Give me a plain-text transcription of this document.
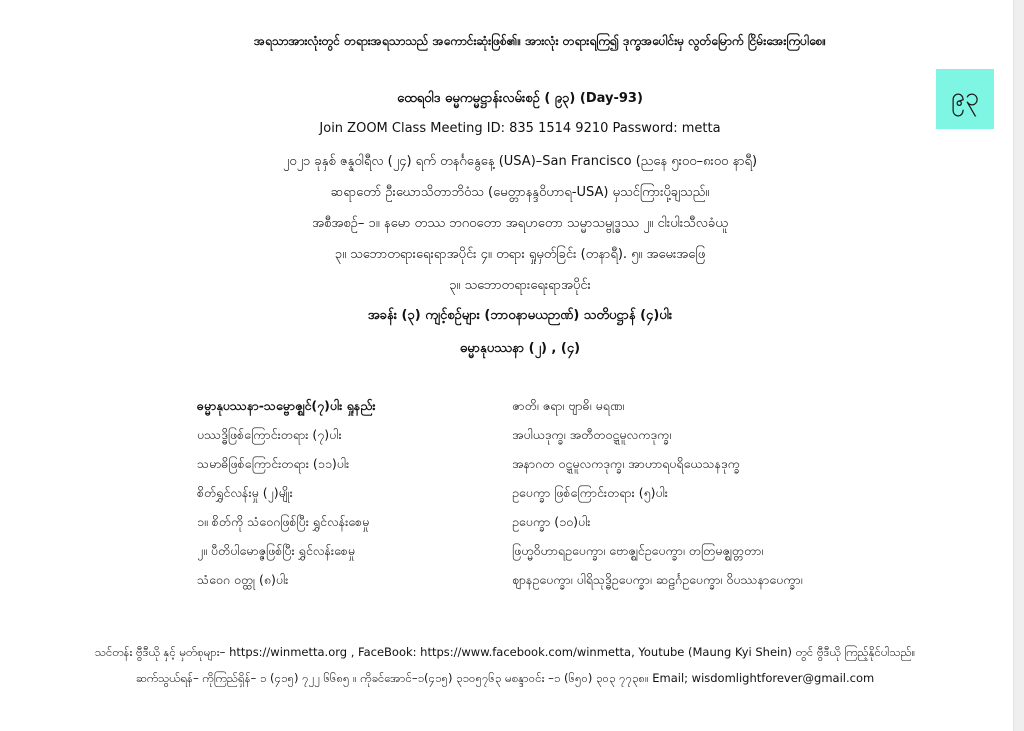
အရသာအားလုံးတွင် တရားအရသာသည် အကောင်းဆုံးဖြစ်၏။ အားလုံး တရားရကြ၍ ဒုက္ခအပေါင်းမှ လွတ်မြောက် ငြိမ်းအေးကြပါစေ။
၉၃
ထေရဝါဒ ဓမ္မကမ္မဋ္ဌာန်းလမ်းစဉ် ( ၉၃) (Day-93)
Join ZOOM Class Meeting ID: 835 1514 9210 Password: metta
၂၀၂၁ ခုနှစ် ဇန္နဝါရီလ (၂၄) ရက် တနင်္ဂနွေနေ့ (USA)–San Francisco (ညနေ ၅း၀၀–၈း၀၀ နာရီ)
ဆရာတော် ဦးဃောသိတာဘိဝံသ (မေတ္တာနန္ဒဝိဟာရ-USA) မှသင်ကြားပို့ချသည်။
အစီအစဉ်– ၁။ နမော တဿ ဘဂဝတော အရဟတော သမ္မာသမ္ဗုဒ္ဓဿ ၂။ ငါးပါးသီလခံယူ
၃။ သဘောတရားရေးရာအပိုင်း ၄။ တရား ရှုမှတ်ခြင်း (တနာရီ). ၅။ အမေးအဖြေ
၃။ သဘောတရားရေးရာအပိုင်း
အခန်း (၃) ကျင့်စဉ်များ (ဘာဝနာမယဉာဏ်) သတိပဋ္ဌာန် (၄)ပါး
ဓမ္မာနုပဿနာ (၂) , (၄)
ဓမ္မာနုပဿနာ-သမ္ဗောဇ္ဈင်(၇)ပါး ရှုနည်း
ပဿဒ္ဓိဖြစ်ကြောင်းတရား (၇)ပါး
သမာဓိဖြစ်ကြောင်းတရား (၁၁)ပါး
စိတ်ရွှင်လန်းမှု (၂)မျိုး
၁။ စိတ်ကို သံဝေဂဖြစ်ပြီး ရွှင်လန်းစေမှု
၂။ ပီတိပါမောဇ္ဇဖြစ်ပြီး ရွှင်လန်းစေမှု
သံဝေဂ ဝတ္ထု (၈)ပါး
ဇာတိ၊ ဇရာ၊ ဗျာဓိ၊ မရဏ၊
အပါယဒုက္ခ၊ အတီတဝဋ္ဋမူလကဒုက္ခ၊
အနာဂတ ဝဋ္ဋမူလကဒုက္ခ၊ အာဟာရပရိယေသနဒုက္ခ
ဥပေက္ခာ ဖြစ်ကြောင်းတရား (၅)ပါး
ဥပေက္ခာ (၁၀)ပါး
ဖြဟ္မဝိဟာရဥပေက္ခာ၊ ဗောဇ္ဈင်ဥပေက္ခာ၊ တတြမဇ္ဈတ္တတာ၊
ဈာနဥပေက္ခာ၊ ပါရိသုဒ္ဓိဥပေက္ခာ၊ ဆဠင်္ဂဥပေက္ခာ၊ ဝိပဿနာပေက္ခာ၊
သင်တန်း ဗွီဒီယို နှင့် မှတ်စုများ– https://winmetta.org , FaceBook: https://www.facebook.com/winmetta, Youtube (Maung Kyi Shein) တွင် ဗွီဒီယို ကြည့်နိုင်ပါသည်။
ဆက်သွယ်ရန်– ကိုကြည်ရှိန်– ၁ (၄၁၅) ၇၂၂ ၆၆၈၅ ။ ကိုခင်အောင်–၁(၄၁၅) ၃၁၀၅၇၆၃ မစန္ဒာဝင်း –၁ (၆၅၀) ၃၀၃ ၇၇၃၈။ Email; wisdomlightforever@gmail.com
